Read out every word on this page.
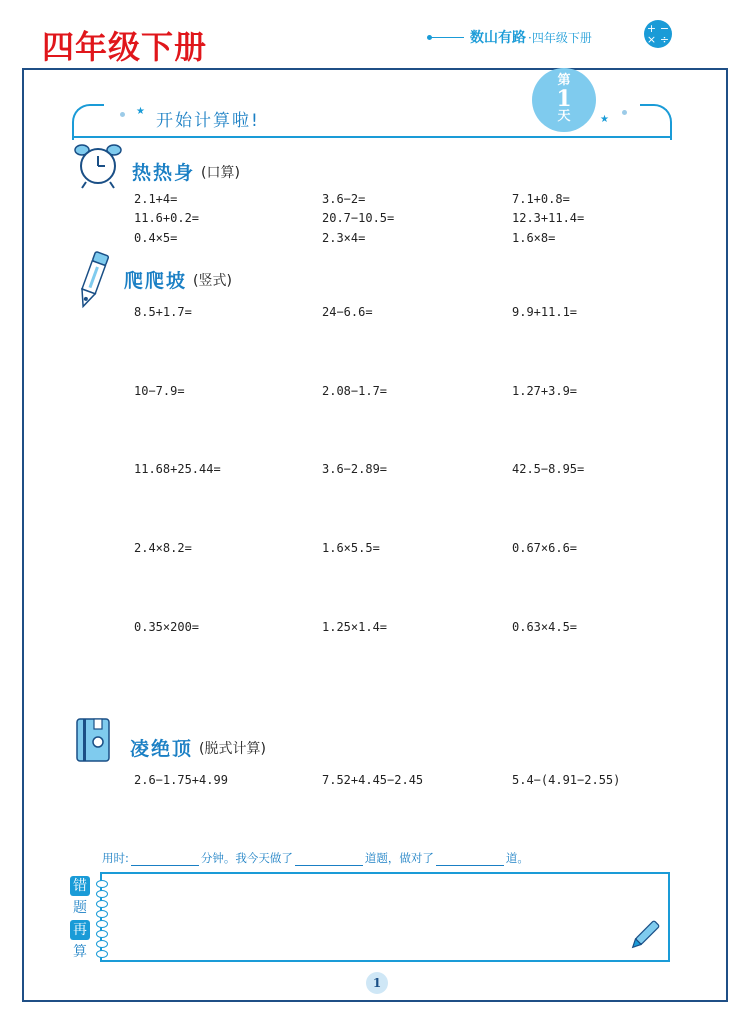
四年级下册	数山有路 ·四年级下册
+ −
× ÷
★ 开始计算啦!	★
第
1
天
热热身 (口算)
2.1+4=	3.6−2=	7.1+0.8=
11.6+0.2=	20.7−10.5=	12.3+11.4=
0.4×5=	2.3×4=	1.6×8=
爬爬坡 (竖式)
8.5+1.7=	24−6.6=	9.9+11.1=
10−7.9=	2.08−1.7=	1.27+3.9=
11.68+25.44=	3.6−2.89=	42.5−8.95=
2.4×8.2=	1.6×5.5=	0.67×6.6=
0.35×200=	1.25×1.4=	0.63×4.5=
凌绝顶 (脱式计算)
2.6−1.75+4.99	7.52+4.45−2.45	5.4−(4.91−2.55)
用时:	分钟。我今天做了	道题，做对了	道。
错
题
再
算
1
